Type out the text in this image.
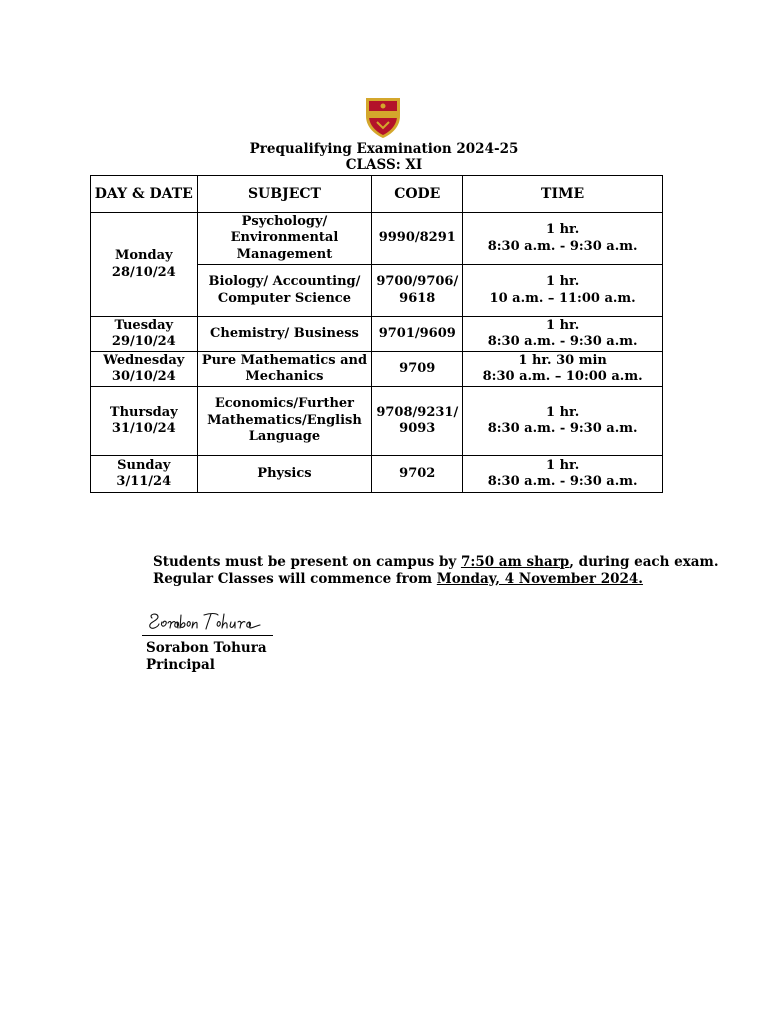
Prequalifying Examination 2024-25
CLASS: XI
DAY & DATE	SUBJECT	CODE	TIME

Monday
28/10/24	Psychology/
Environmental
Management	9990/8291	1 hr.
8:30 a.m. - 9:30 a.m.

	Biology/ Accounting/
Computer Science	9700/9706/
9618	1 hr.
10 a.m. – 11:00 a.m.

Tuesday
29/10/24	Chemistry/ Business	9701/9609	1 hr.
8:30 a.m. - 9:30 a.m.

Wednesday
30/10/24	Pure Mathematics and
Mechanics	9709	1 hr. 30 min
8:30 a.m. – 10:00 a.m.

Thursday
31/10/24	Economics/Further
Mathematics/English
Language	9708/9231/
9093	1 hr.
8:30 a.m. - 9:30 a.m.

Sunday
3/11/24	Physics	9702	1 hr.
8:30 a.m. - 9:30 a.m.
Students must be present on campus by 7:50 am sharp, during each exam.
Regular Classes will commence from Monday, 4 November 2024.
Sorabon Tohura
Principal
